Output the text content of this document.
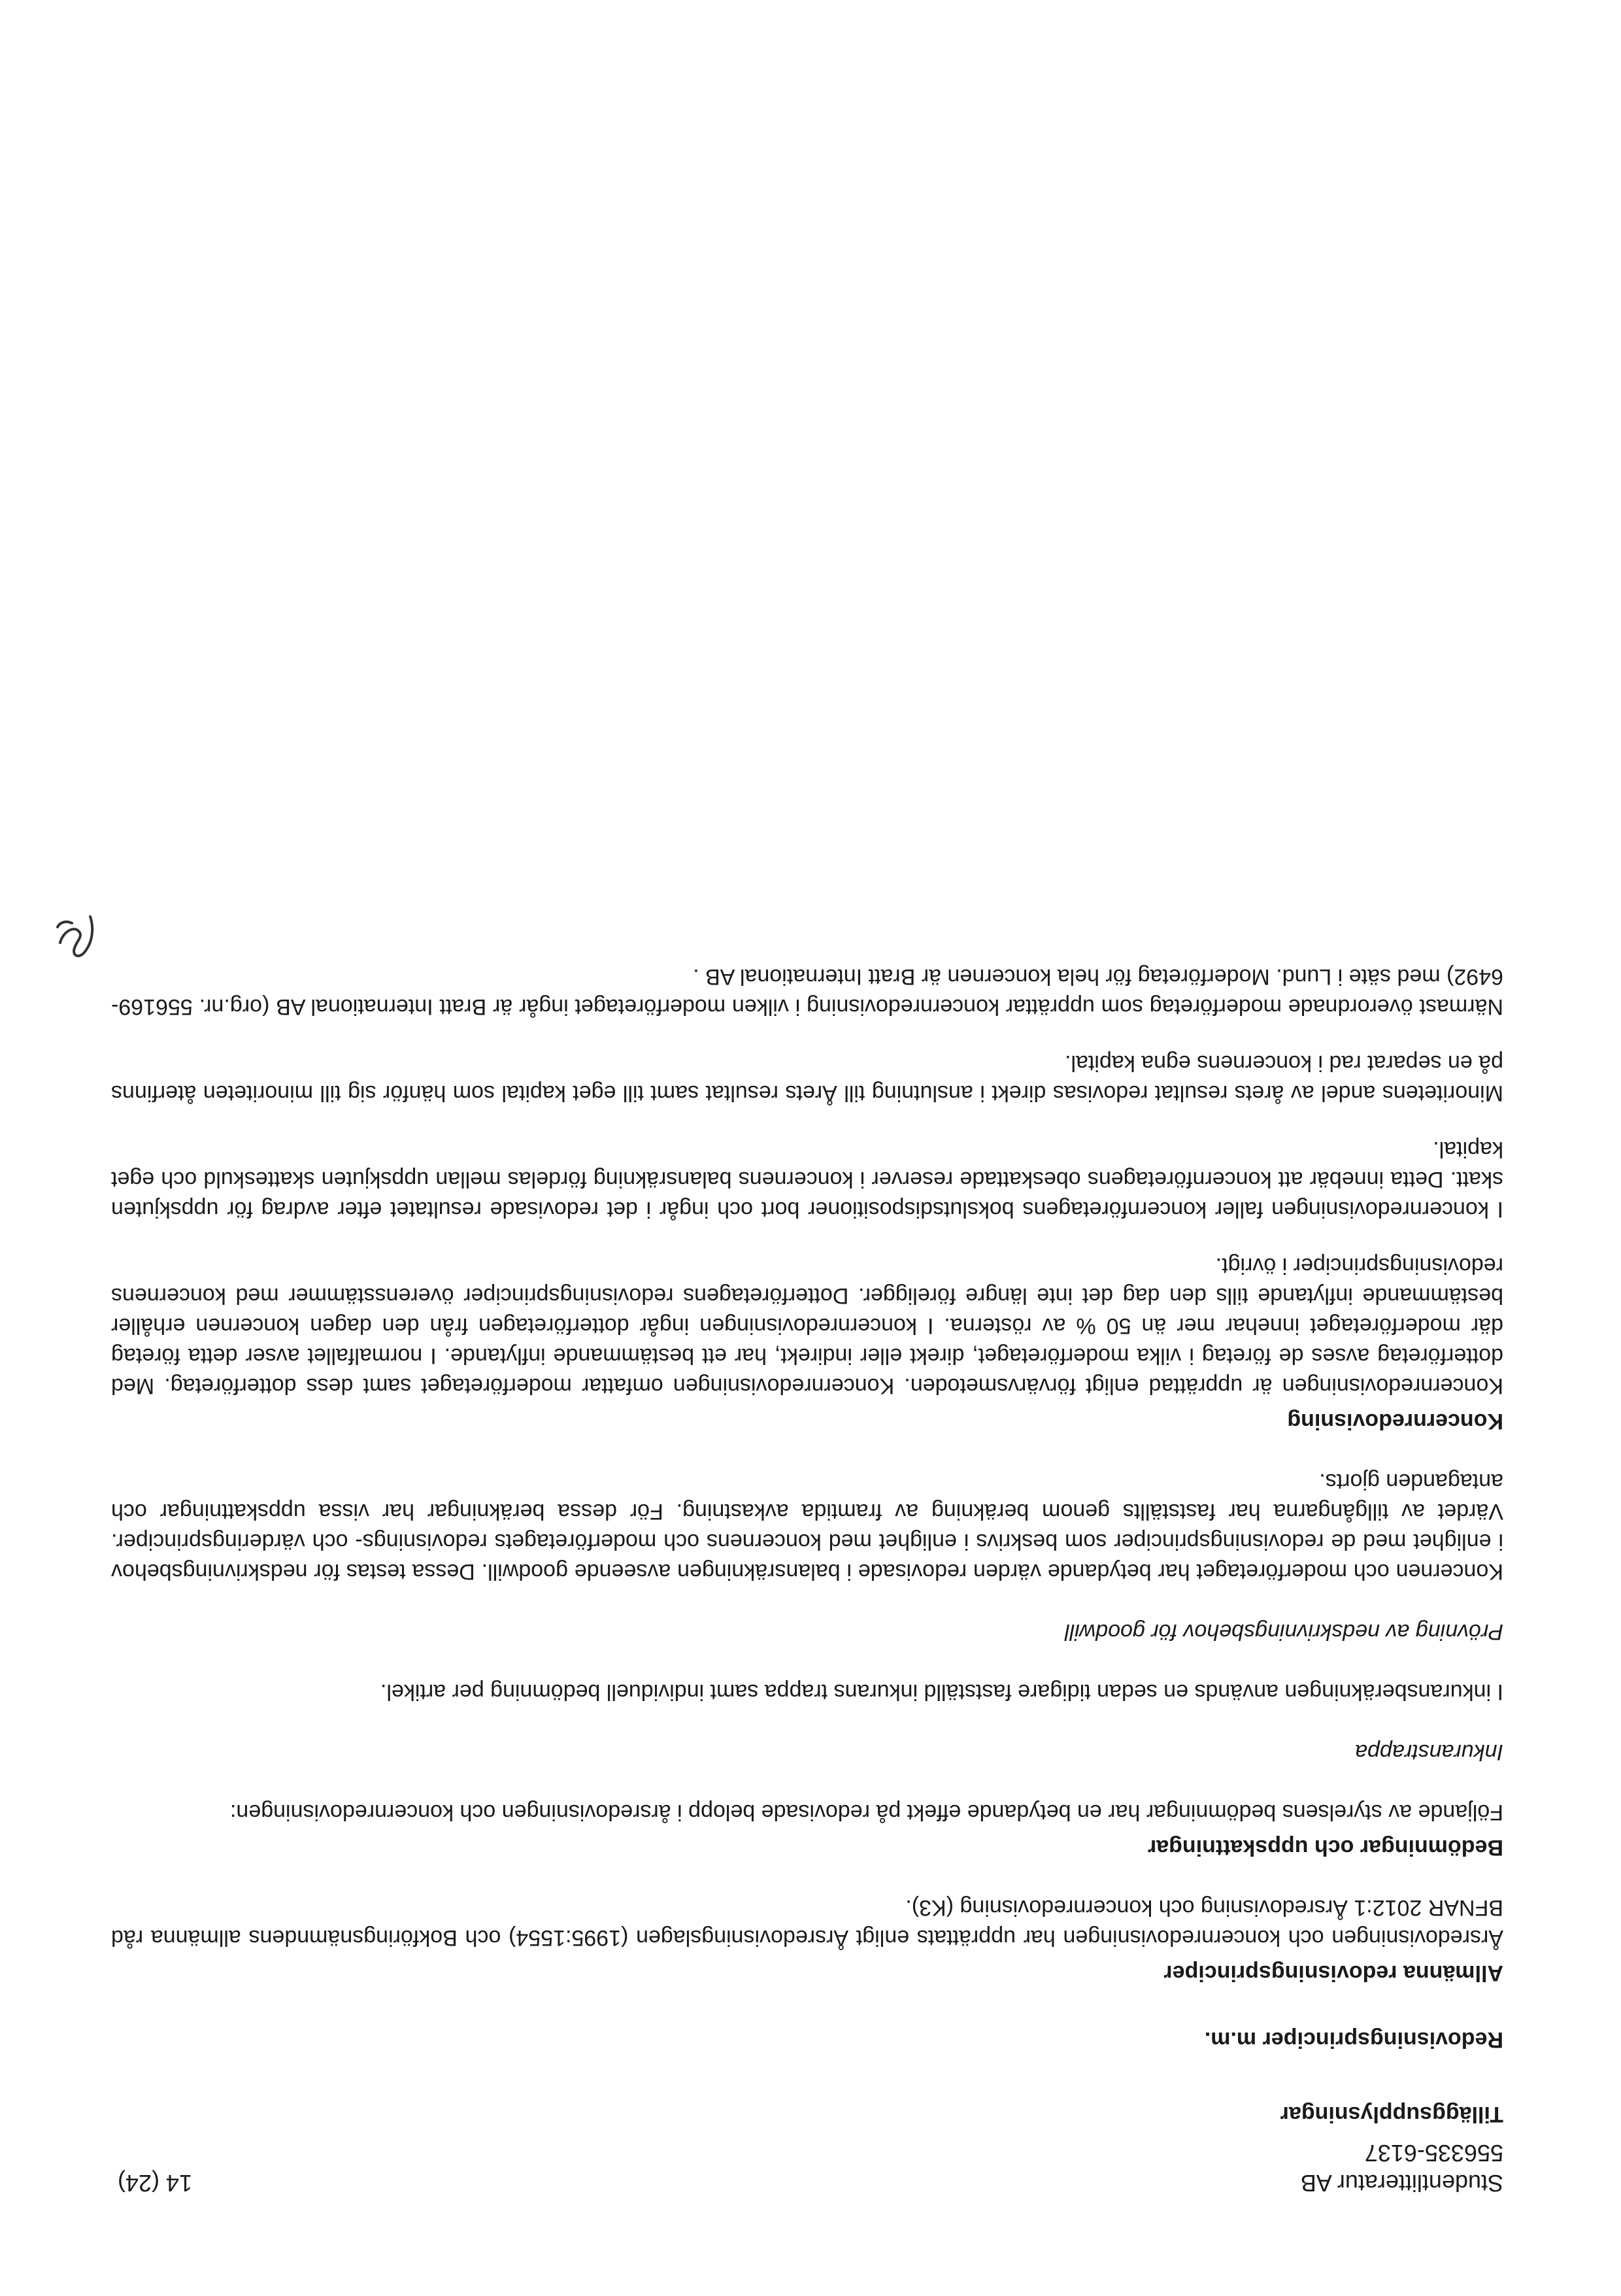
Studentlitteratur AB
556335-6137
14 (24)
Tilläggsupplysningar
Redovisningsprinciper m.m.
Allmänna redovisningsprinciper
Årsredovisningen och koncernredovisningen har upprättats enligt Årsredovisningslagen (1995:1554) och Bokföringsnämndens allmänna råd BFNAR 2012:1 Årsredovisning och koncernredovisning (K3).
Bedömningar och uppskattningar
Följande av styrelsens bedömningar har en betydande effekt på redovisade belopp i årsredovisningen och koncernredovisningen:
Inkuranstrappa
I inkuransberäkningen används en sedan tidigare fastställd inkurans trappa samt individuell bedömning per artikel.
Prövning av nedskrivningsbehov för goodwill
Koncernen och moderföretaget har betydande värden redovisade i balansräkningen avseende goodwill. Dessa testas för nedskrivningsbehov i enlighet med de redovisningsprinciper som beskrivs i enlighet med koncernens och moderföretagets redovisnings- och värderingsprinciper. Värdet av tillgångarna har fastställts genom beräkning av framtida avkastning. För dessa beräkningar har vissa uppskattningar och antaganden gjorts.
Koncernredovisning
Koncernredovisningen är upprättad enligt förvärvsmetoden. Koncernredovisningen omfattar moderföretaget samt dess dotterföretag. Med dotterföretag avses de företag i vilka moderföretaget, direkt eller indirekt, har ett bestämmande inflytande. I normalfallet avser detta företag där moderföretaget innehar mer än 50 % av rösterna. I koncernredovisningen ingår dotterföretagen från den dagen koncernen erhåller bestämmande inflytande tills den dag det inte längre föreligger. Dotterföretagens redovisningsprinciper överensstämmer med koncernens redovisningsprinciper i övrigt.
I koncernredovisningen faller koncernföretagens bokslutsdispositioner bort och ingår i det redovisade resultatet efter avdrag för uppskjuten skatt. Detta innebär att koncernföretagens obeskattade reserver i koncernens balansräkning fördelas mellan uppskjuten skatteskuld och eget kapital.
Minoritetens andel av årets resultat redovisas direkt i anslutning till Årets resultat samt till eget kapital som hänför sig till minoriteten återfinns på en separat rad i koncernens egna kapital.
Närmast överordnade moderföretag som upprättar koncernredovisning i vilken moderföretaget ingår är Bratt International AB (org.nr. 556169-6492) med säte i Lund. Moderföretag för hela koncernen är Bratt International AB .
